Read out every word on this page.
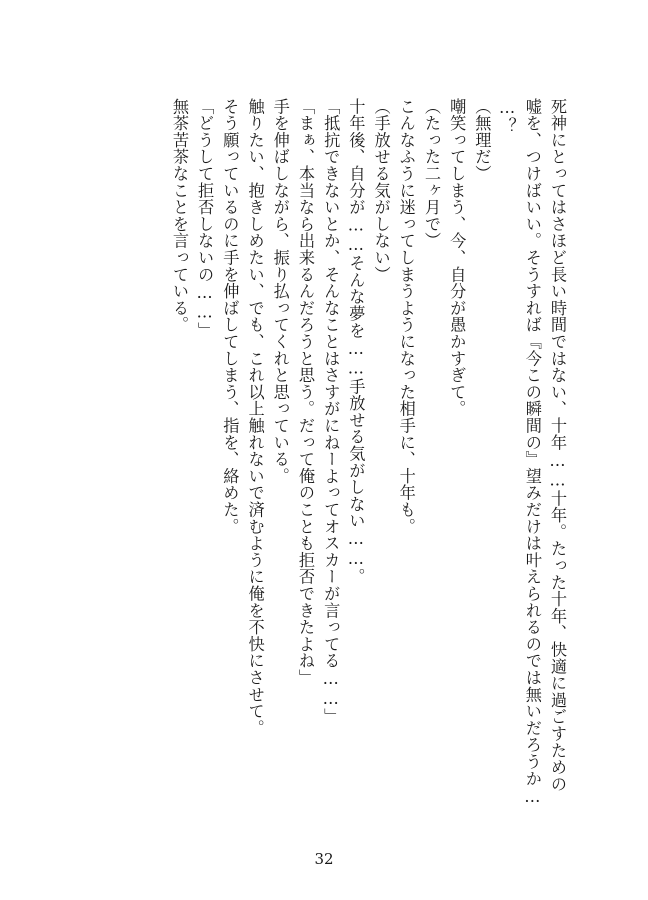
死神にとってはさほど長い時間ではない、十年……十年。たった十年、快適に過ごすための
嘘を、つけばいい。そうすれば『今この瞬間の』望みだけは叶えられるのでは無いだろうか…
…？
（無理だ）
嘲笑ってしまう、今、自分が愚かすぎて。
（たった二ヶ月で）
こんなふうに迷ってしまうようになった相手に、十年も。
（手放せる気がしない）
十年後、自分が……そんな夢を……手放せる気がしない……。
「抵抗できないとか、そんなことはさすがにねーよってオスカーが言ってる……」
「まぁ、本当なら出来るんだろうと思う。だって俺のことも拒否できたよね」
手を伸ばしながら、振り払ってくれと思っている。
触りたい、抱きしめたい、でも、これ以上触れないで済むように俺を不快にさせて。
そう願っているのに手を伸ばしてしまう、指を、絡めた。
「どうして拒否しないの……」
無茶苦茶なことを言っている。
32
